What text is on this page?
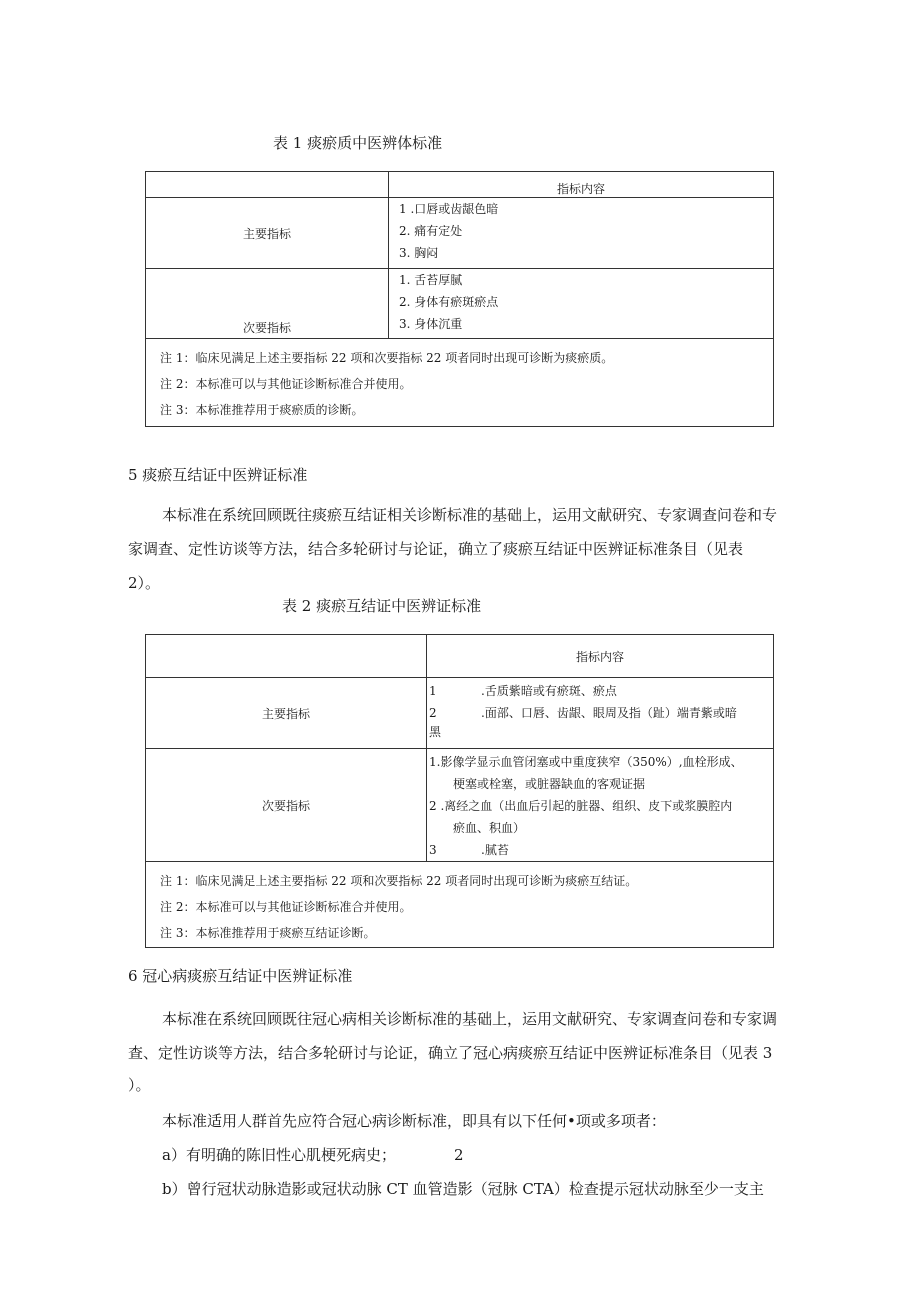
表 1 痰瘀质中医辨体标准
	指标内容
主要指标	1 .口唇或齿龈色暗
2. 痛有定处
3. 胸闷

次要指标	1. 舌苔厚腻
2. 身体有瘀斑瘀点
3. 身体沉重

注 1：临床见满足上述主要指标 22 项和次要指标 22 项者同时出现可诊断为痰瘀质。
注 2：本标准可以与其他证诊断标准合并使用。
注 3：本标准推荐用于痰瘀质的诊断。	
5 痰瘀互结证中医辨证标准
本标准在系统回顾既往痰瘀互结证相关诊断标准的基础上，运用文献研究、专家调查问卷和专家调查、定性访谈等方法，结合多轮研讨与论证，确立了痰瘀互结证中医辨证标准条目（见表 2）。
表 2 痰瘀互结证中医辨证标准
	指标内容
主要指标	1 .舌质紫暗或有瘀斑、瘀点
2 .面部、口唇、齿龈、眼周及指（趾）端青紫或暗
黑

次要指标	1.影像学显示血管闭塞或中重度狭窄（350%）,血栓形成、
梗塞或栓塞，或脏器缺血的客观证据
2 .离经之血（出血后引起的脏器、组织、皮下或浆膜腔内
瘀血、积血）
3 .腻苔

注 1：临床见满足上述主要指标 22 项和次要指标 22 项者同时出现可诊断为痰瘀互结证。
注 2：本标准可以与其他证诊断标准合并使用。
注 3：本标准推荐用于痰瘀互结证诊断。	
6 冠心病痰瘀互结证中医辨证标准
本标准在系统回顾既往冠心病相关诊断标准的基础上，运用文献研究、专家调查问卷和专家调
查、定性访谈等方法，结合多轮研讨与论证，确立了冠心病痰瘀互结证中医辨证标准条目（见表 3
）。
本标准适用人群首先应符合冠心病诊断标准，即具有以下任何•项或多项者：
a）有明确的陈旧性心肌梗死病史；	2
b）曾行冠状动脉造影或冠状动脉 CT 血管造影（冠脉 CTA）检查提示冠状动脉至少一支主
